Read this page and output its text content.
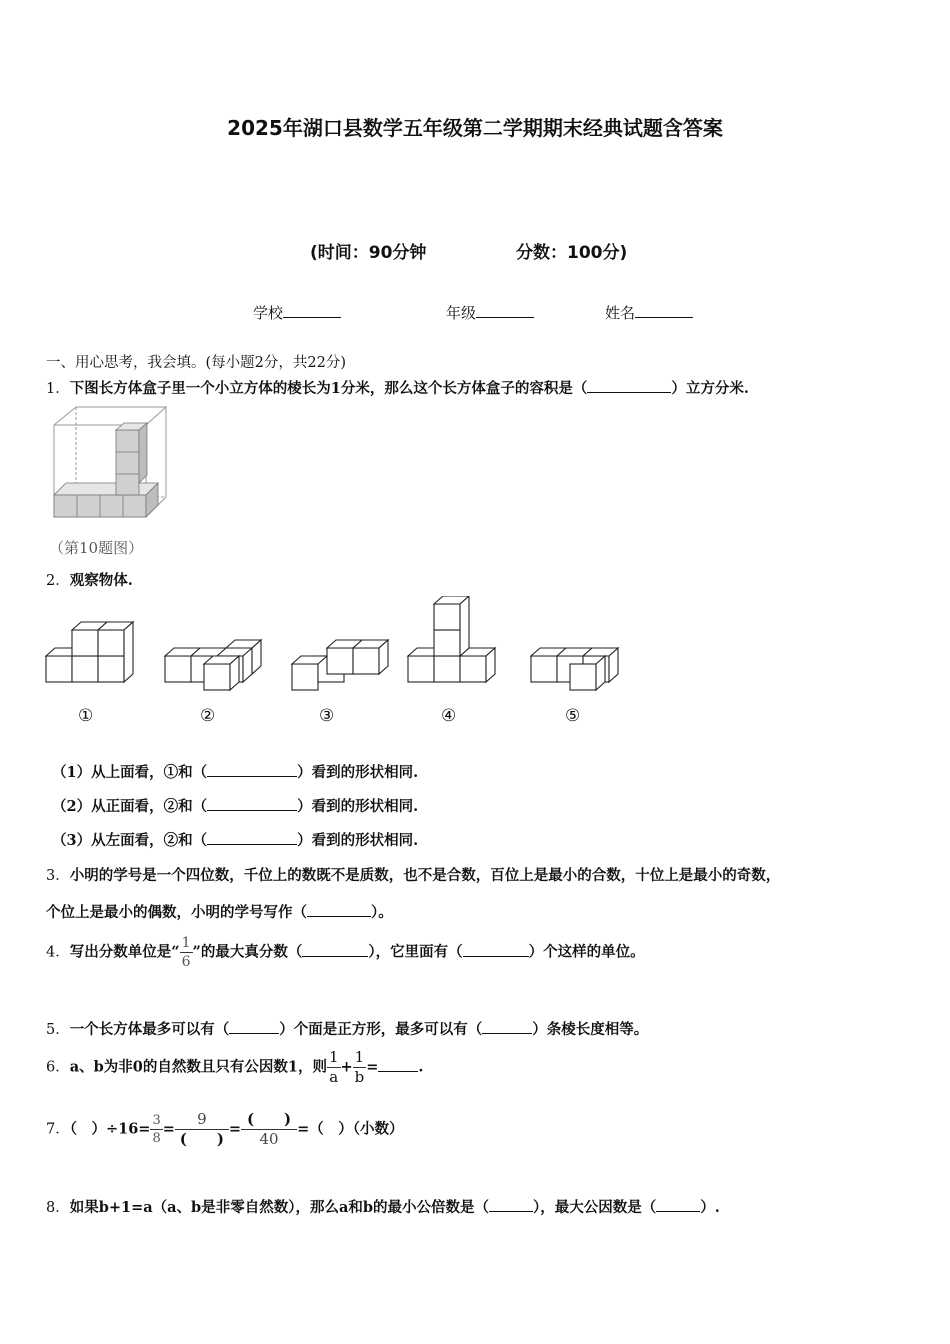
2025年湖口县数学五年级第二学期期末经典试题含答案
(时间：90分钟	分数：100分)
学校	年级	姓名
一、用心思考，我会填。(每小题2分，共22分)
1．下图长方体盒子里一个小立方体的棱长为1分米，那么这个长方体盒子的容积是（	）立方分米.
（第10题图）
2．观察物体.
①	②	③	④	⑤
（1）从上面看，①和（	）看到的形状相同.
（2）从正面看，②和（	）看到的形状相同.
（3）从左面看，②和（	）看到的形状相同.
3．小明的学号是一个四位数，千位上的数既不是质数，也不是合数，百位上是最小的合数，十位上是最小的奇数，
个位上是最小的偶数，小明的学号写作（	）。
4．写出分数单位是“ $\frac{1}{6}$ ”的最大真分数（	），它里面有（	）个这样的单位。
5．一个长方体最多可以有（	）个面是正方形，最多可以有（	）条棱长度相等。
6．a、b为非0的自然数且只有公因数1，则 $\frac{1}{a} + \frac{1}{b}$ =	.
7．（　）$\div 16= \frac{3}{8} = \frac{9}{( )} = \frac{( )}{40}$ =（　）（小数）
8．如果b+1=a（a、b是非零自然数），那么a和b的最小公倍数是（	），最大公因数是（	）.
